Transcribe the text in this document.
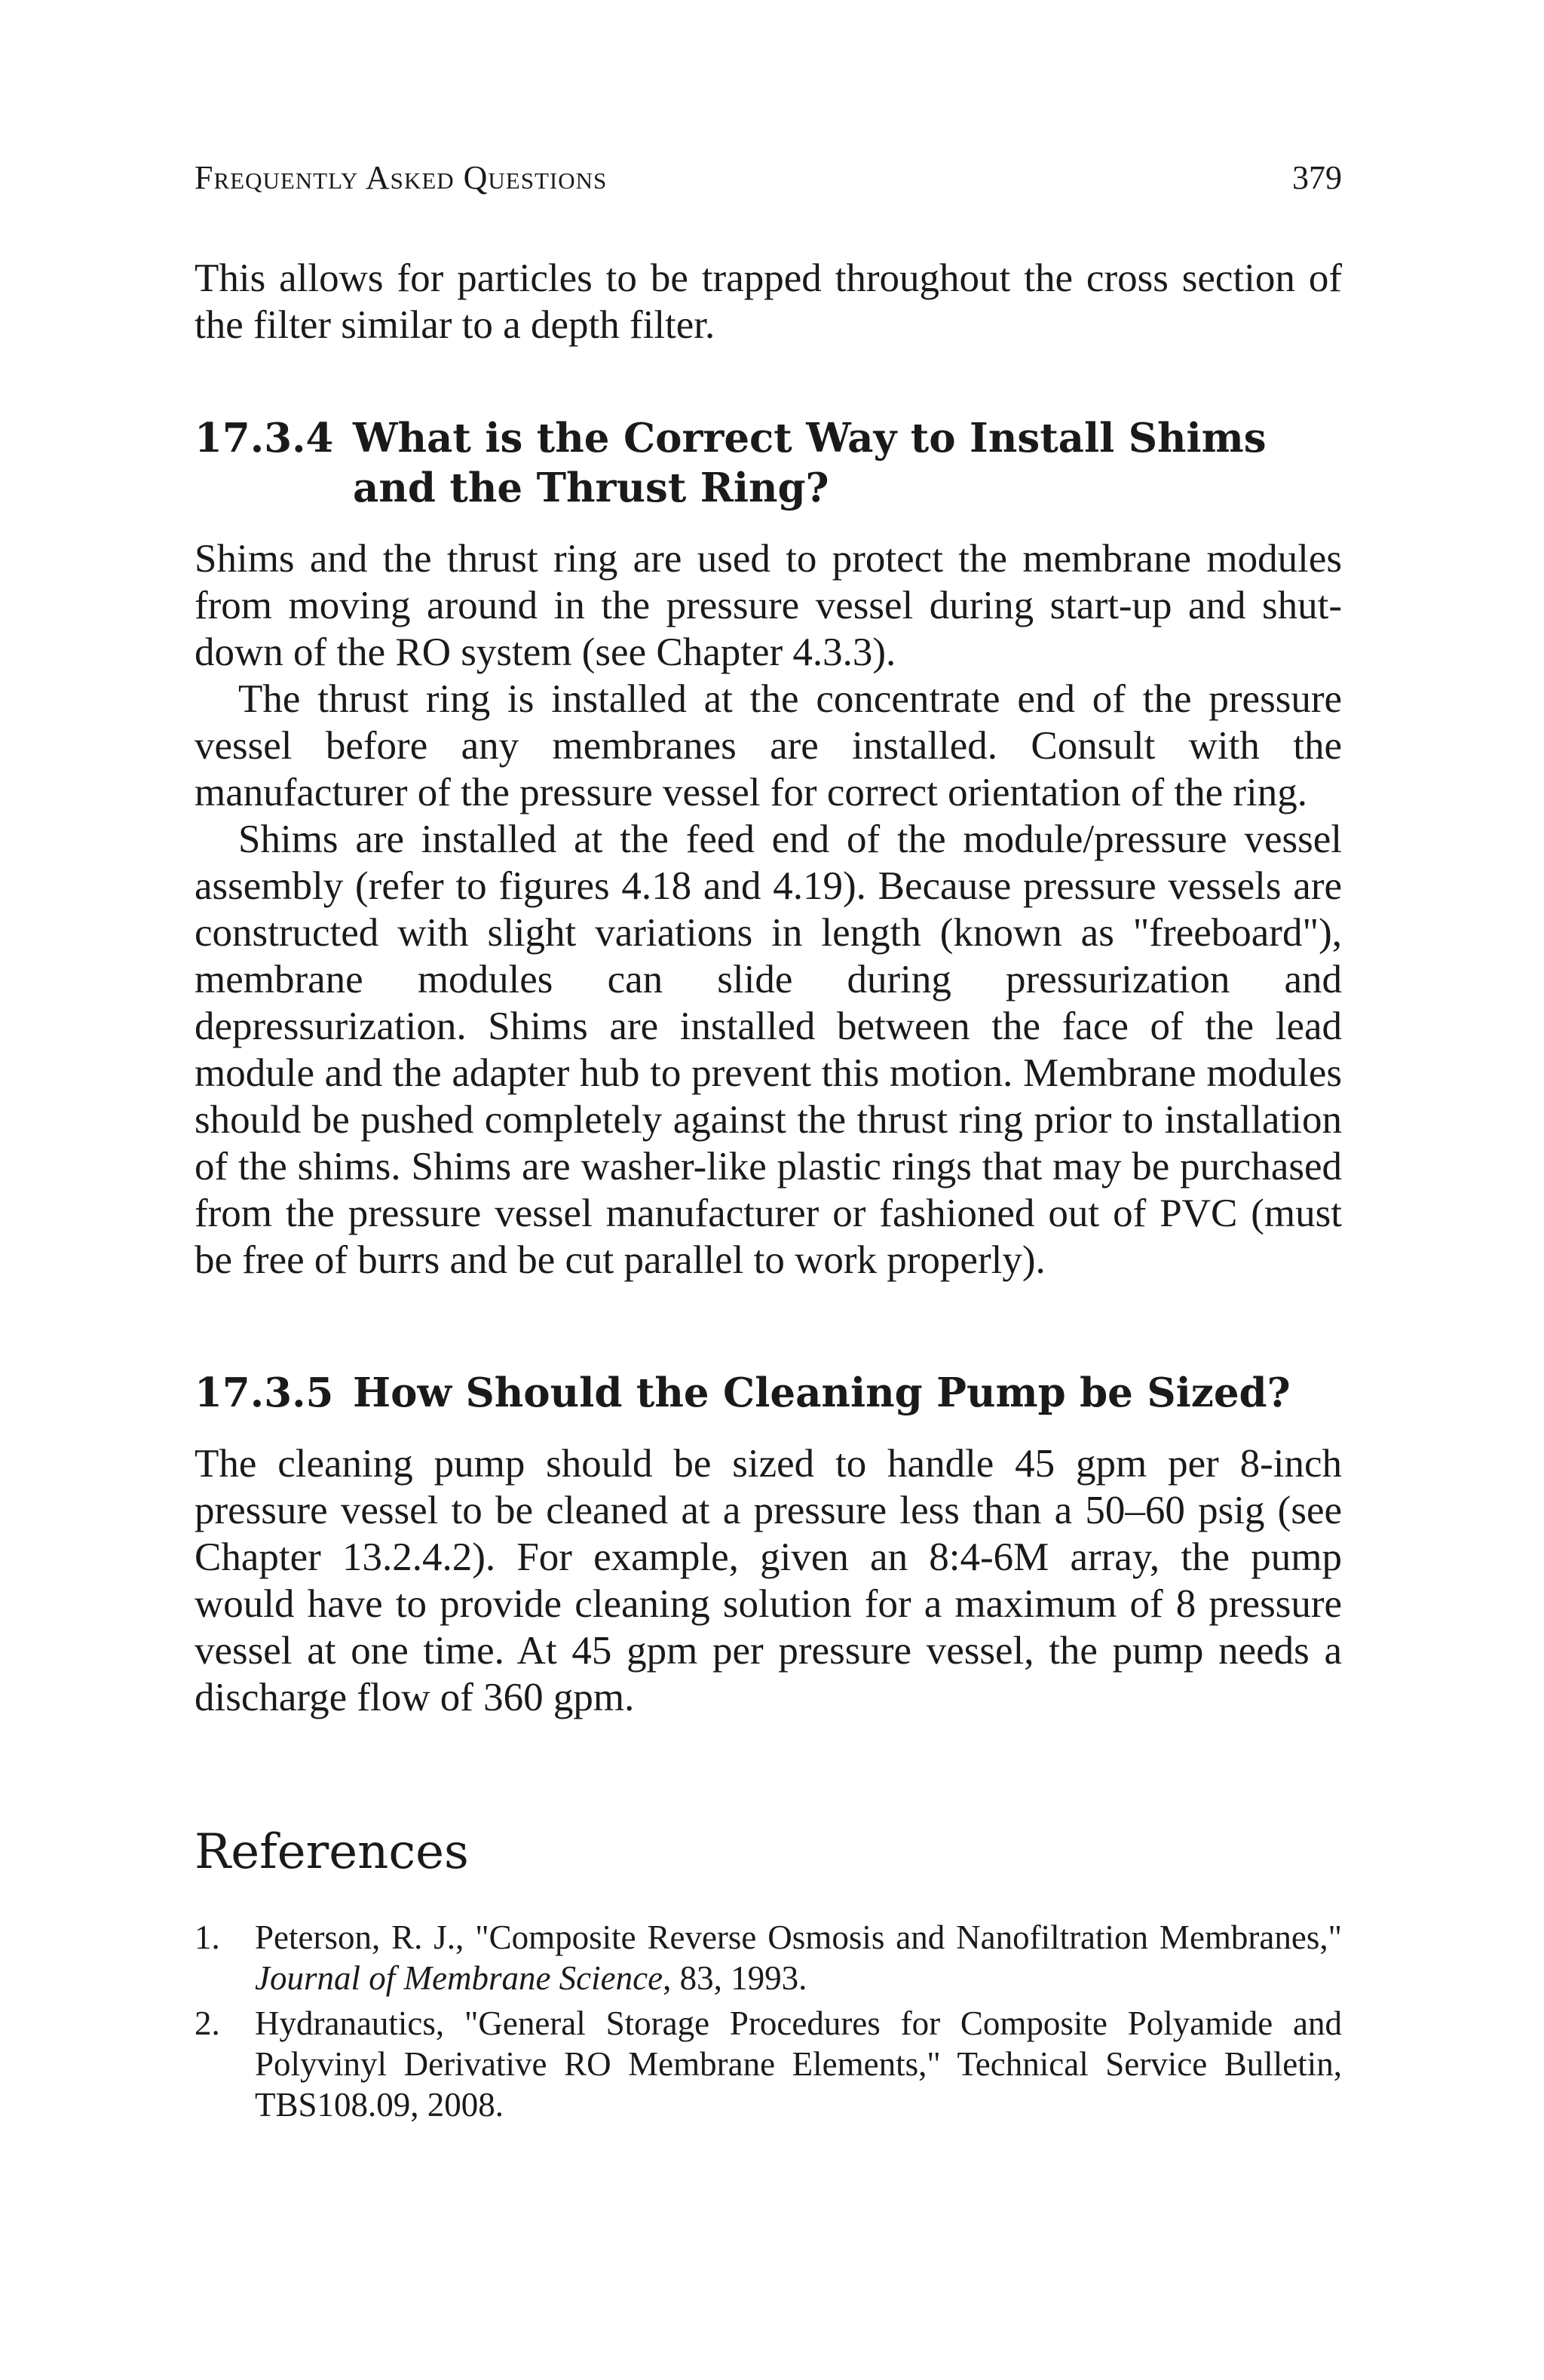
Frequently Asked Questions	379

This allows for particles to be trapped throughout the cross section of the filter similar to a depth filter.

17.3.4 What is the Correct Way to Install Shims and the Thrust Ring?

Shims and the thrust ring are used to protect the membrane modules from moving around in the pressure vessel during start-up and shut-down of the RO system (see Chapter 4.3.3).

The thrust ring is installed at the concentrate end of the pressure vessel before any membranes are installed. Consult with the manufacturer of the pressure vessel for correct orientation of the ring.

Shims are installed at the feed end of the module/pressure vessel assembly (refer to figures 4.18 and 4.19). Because pressure vessels are constructed with slight variations in length (known as "freeboard"), membrane modules can slide during pressurization and depressurization. Shims are installed between the face of the lead module and the adapter hub to prevent this motion. Membrane modules should be pushed completely against the thrust ring prior to installation of the shims. Shims are washer-like plastic rings that may be purchased from the pressure vessel manufacturer or fashioned out of PVC (must be free of burrs and be cut parallel to work properly).

17.3.5 How Should the Cleaning Pump be Sized?

The cleaning pump should be sized to handle 45 gpm per 8-inch pressure vessel to be cleaned at a pressure less than a 50–60 psig (see Chapter 13.2.4.2). For example, given an 8:4-6M array, the pump would have to provide cleaning solution for a maximum of 8 pressure vessel at one time. At 45 gpm per pressure vessel, the pump needs a discharge flow of 360 gpm.

References
1.	Peterson, R. J., "Composite Reverse Osmosis and Nanofiltration Membranes," Journal of Membrane Science, 83, 1993.
2.	Hydranautics, "General Storage Procedures for Composite Polyamide and Polyvinyl Derivative RO Membrane Elements," Technical Service Bulletin, TBS108.09, 2008.
